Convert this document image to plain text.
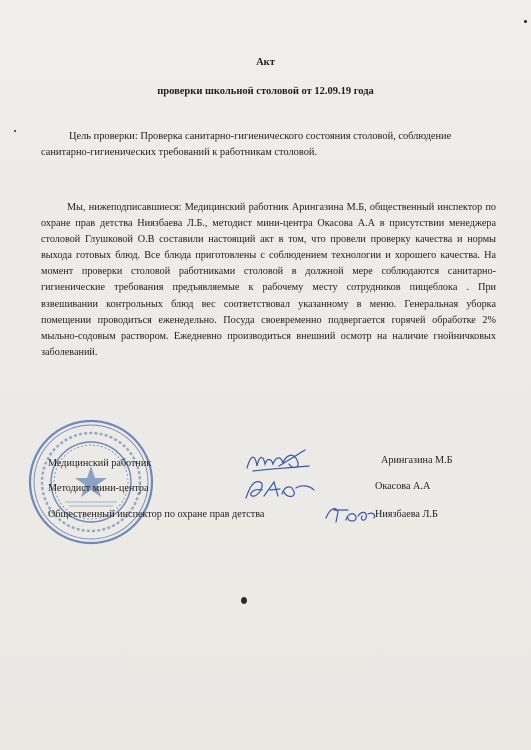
Акт
проверки школьной столовой от 12.09.19 года
Цель проверки: Проверка санитарно-гигиенического состояния столовой, соблюдение санитарно-гигиенических требований к работникам столовой.
Мы, нижеподписавшиеся: Медицинский работник Арингазина М.Б, общественный инспектор по охране прав детства Ниязбаева Л.Б., методист мини-центра Окасова А.А в присутствии менеджера столовой Глушковой О.В составили настоящий акт в том, что провели проверку качества и нормы выхода готовых блюд. Все блюда приготовлены с соблюдением технологии и хорошего качества. На момент проверки столовой работниками столовой в должной мере соблюдаются санитарно-гигиенические требования предъявляемые к рабочему месту сотрудников пищеблока . При взвешивании контрольных блюд вес соответствовал указанному в меню. Генеральная уборка помещении проводиться еженедельно. Посуда своевременно подвергается горячей обработке 2% мыльно-содовым раствором. Ежедневно производиться внешний осмотр на наличие гнойничковых заболеваний.
Медицинский работник	Арингазина М.Б
Методист мини-центра	Окасова А.А
Общественный инспектор по охране прав детства	Ниязбаева Л.Б
